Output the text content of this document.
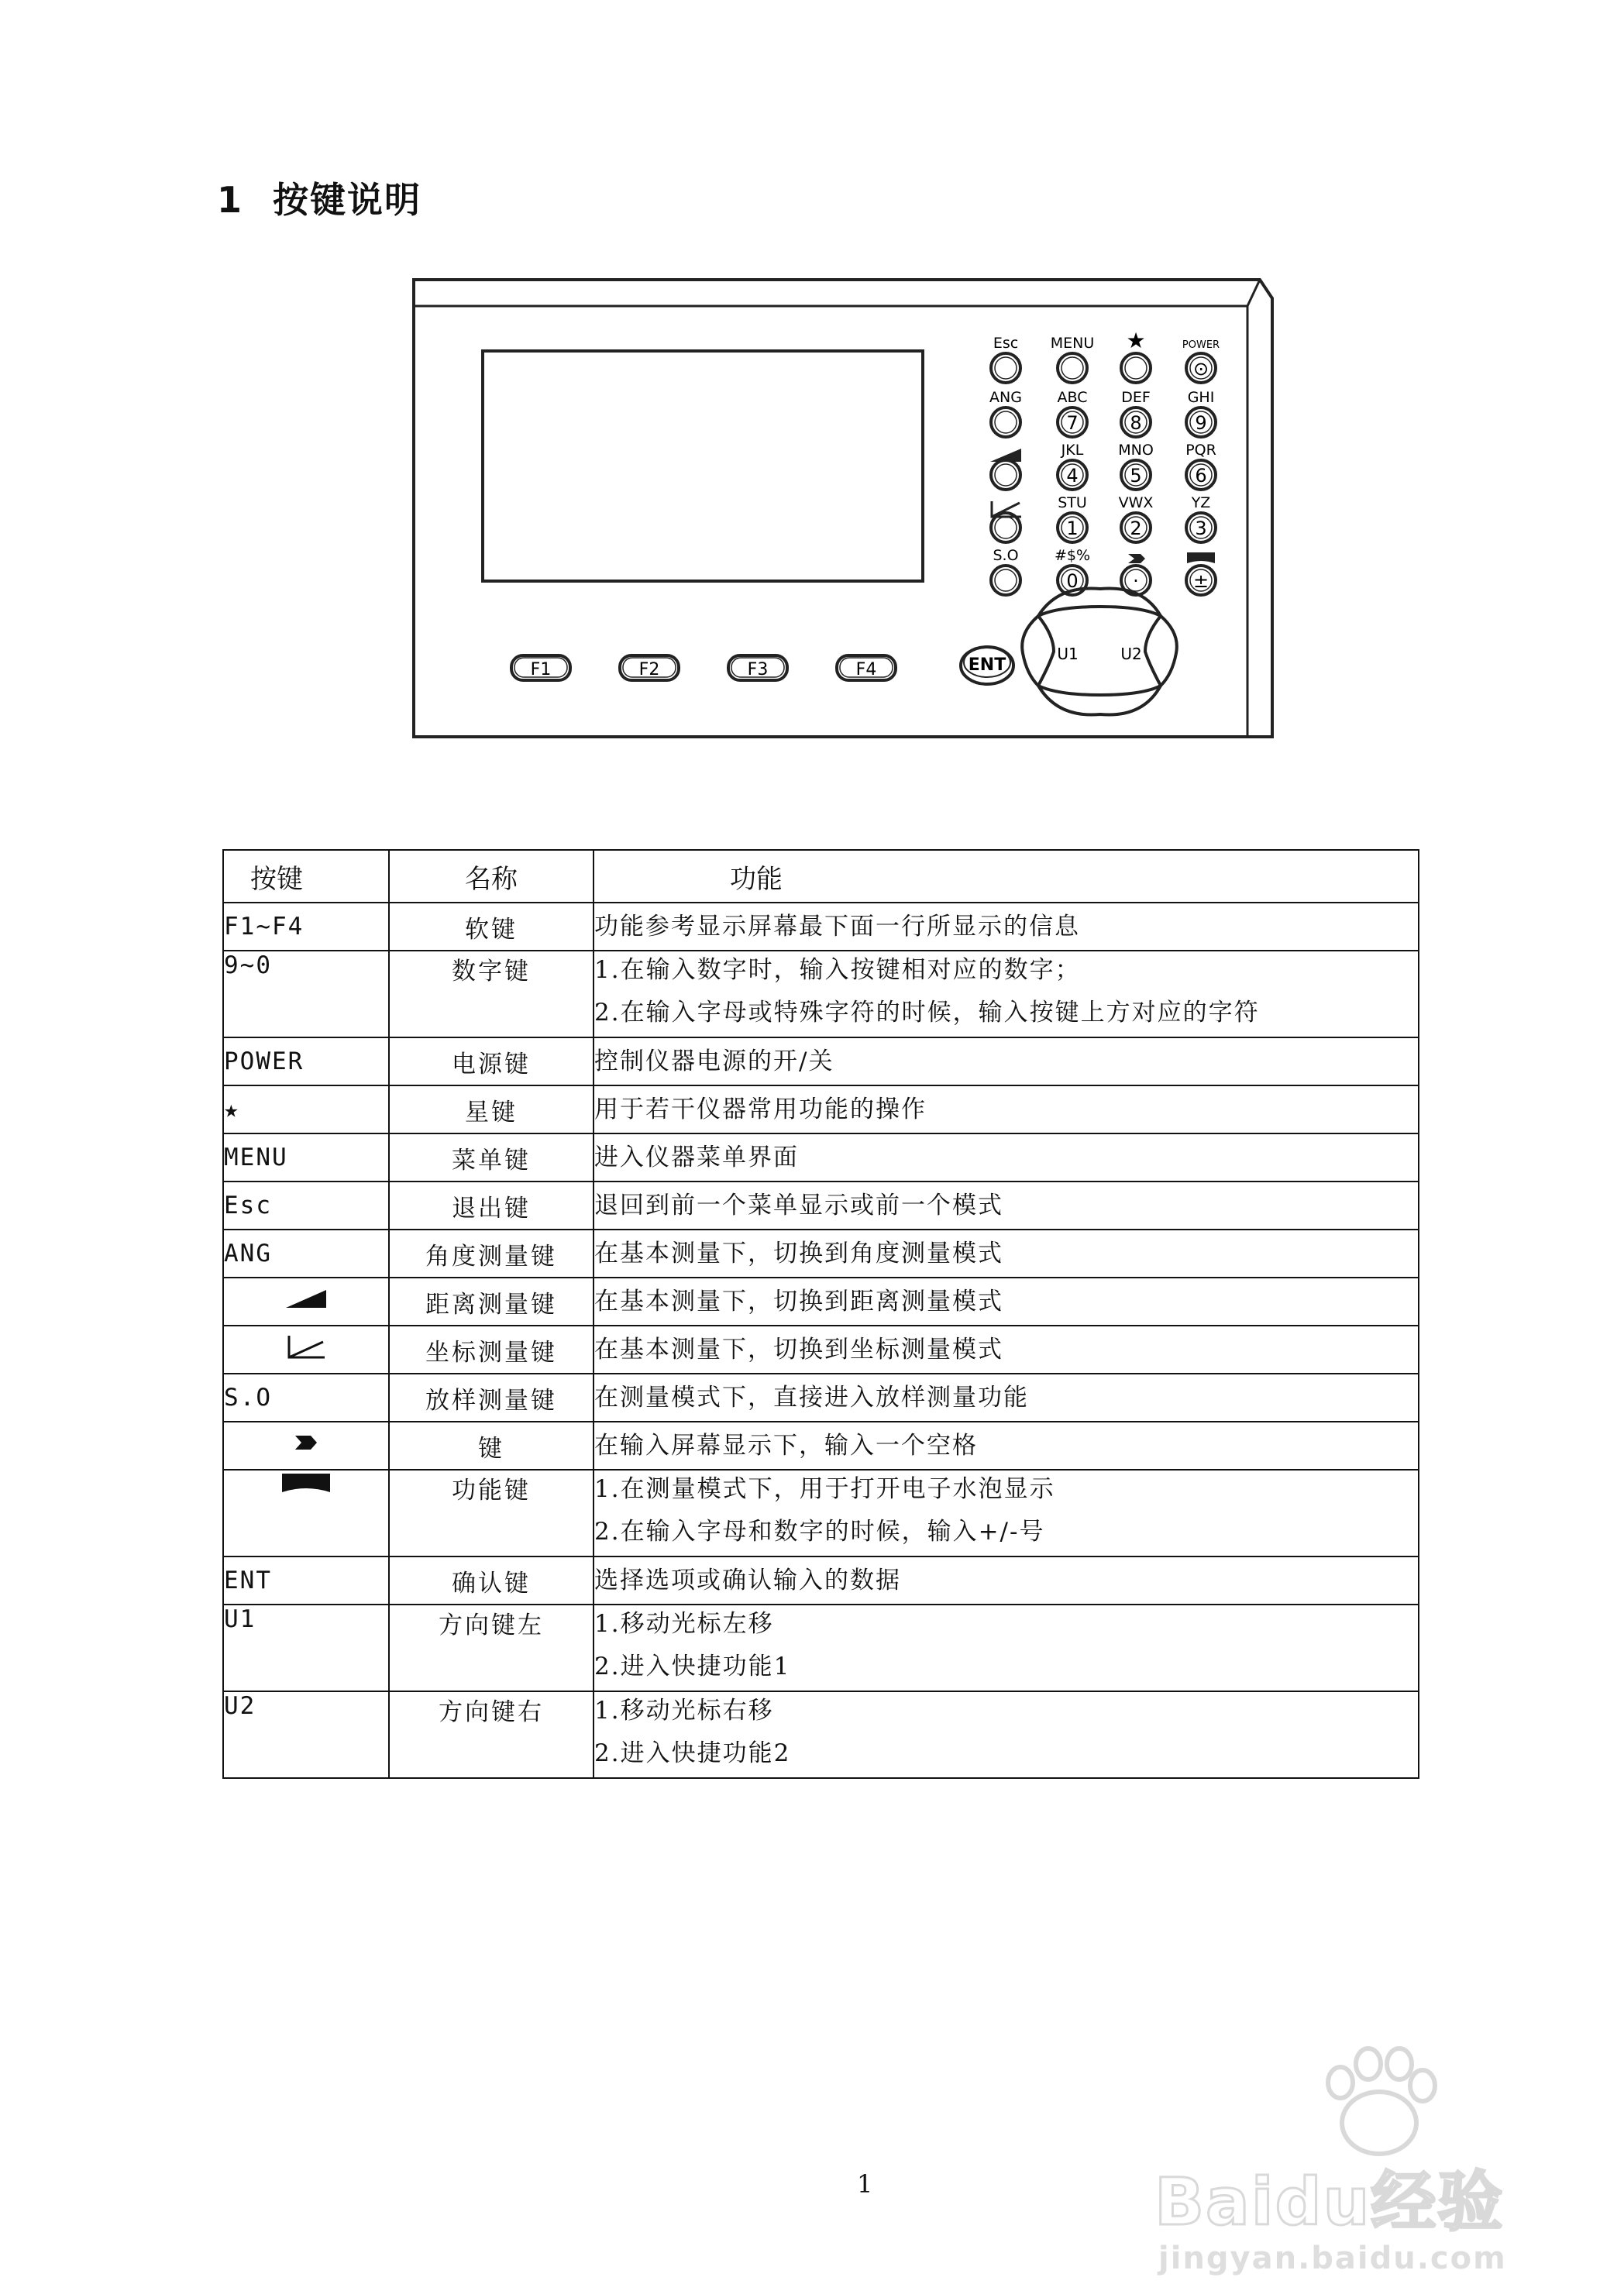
1 按键说明
F1	F2	F3	F4	ENT
U1	U2
Esc MENU ★	POWER
⊙
ANG ABC
7
DEF
8
GHI
9
JKL
4
MNO
5
PQR
6
STU
1
VWX
2
YZ
3
S.O #$%
0	·	±
按键	名称	功能
F1~F4	软键	功能参考显示屏幕最下面一行所显示的信息

9~0	数字键	1.在输入数字时，输入按键相对应的数字；
2.在输入字母或特殊字符的时候，输入按键上方对应的字符

POWER	电源键	控制仪器电源的开/关

★	星键	用于若干仪器常用功能的操作

MENU	菜单键	进入仪器菜单界面

Esc	退出键	退回到前一个菜单显示或前一个模式

ANG	角度测量键	在基本测量下，切换到角度测量模式

	距离测量键	在基本测量下，切换到距离测量模式

	坐标测量键	在基本测量下，切换到坐标测量模式

S.O	放样测量键	在测量模式下，直接进入放样测量功能

	键	在输入屏幕显示下，输入一个空格

	功能键	1.在测量模式下，用于打开电子水泡显示
2.在输入字母和数字的时候，输入+/-号

ENT	确认键	选择选项或确认输入的数据

U1	方向键左	1.移动光标左移
2.进入快捷功能1

U2	方向键右	1.移动光标右移
2.进入快捷功能2
1	Baidu经验
jingyan.baidu.com
